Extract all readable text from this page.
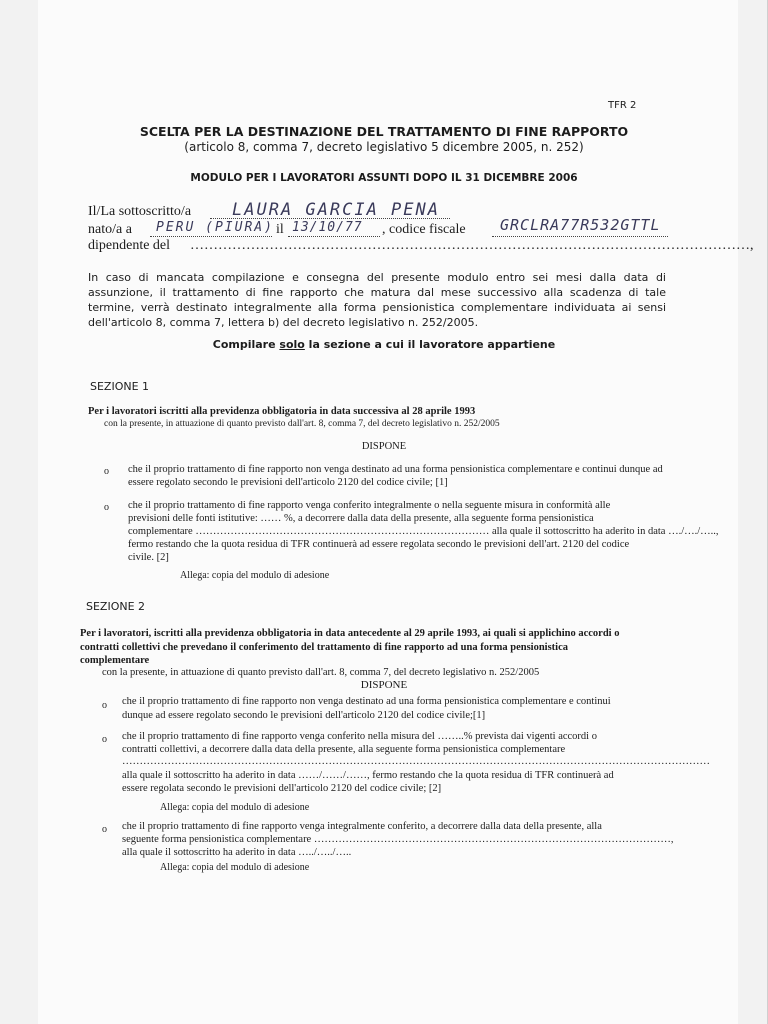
TFR 2
SCELTA PER LA DESTINAZIONE DEL TRATTAMENTO DI FINE RAPPORTO
(articolo 8, comma 7, decreto legislativo 5 dicembre 2005, n. 252)
MODULO PER I LAVORATORI ASSUNTI DOPO IL 31 DICEMBRE 2006
Il/La sottoscritto/a LAURA GARCIA PENA
nato/a a PERU (PIURA) il 13/10/77 , codice fiscale GRCLRA77R532GTTL
dipendente del …………………………………………………………………………………………………………,
In caso di mancata compilazione e consegna del presente modulo entro sei mesi dalla data di assunzione, il trattamento di fine rapporto che matura dal mese successivo alla scadenza di tale termine, verrà destinato integralmente alla forma pensionistica complementare individuata ai sensi dell'articolo 8, comma 7, lettera b) del decreto legislativo n. 252/2005.
Compilare solo la sezione a cui il lavoratore appartiene
SEZIONE 1
Per i lavoratori iscritti alla previdenza obbligatoria in data successiva al 28 aprile 1993
con la presente, in attuazione di quanto previsto dall'art. 8, comma 7, del decreto legislativo n. 252/2005
DISPONE
o che il proprio trattamento di fine rapporto non venga destinato ad una forma pensionistica complementare e continui dunque ad essere regolato secondo le previsioni dell'articolo 2120 del codice civile; [1]
o che il proprio trattamento di fine rapporto venga conferito integralmente o nella seguente misura in conformità alle
previsioni delle fonti istitutive: …… %, a decorrere dalla data della presente, alla seguente forma pensionistica
complementare ………………………………………………………………………… alla quale il sottoscritto ha aderito in data …./…./…..,
fermo restando che la quota residua di TFR continuerà ad essere regolata secondo le previsioni dell'art. 2120 del codice
civile. [2]
Allega: copia del modulo di adesione
SEZIONE 2
Per i lavoratori, iscritti alla previdenza obbligatoria in data antecedente al 29 aprile 1993, ai quali si applichino accordi o
contratti collettivi che prevedano il conferimento del trattamento di fine rapporto ad una forma pensionistica
complementare
con la presente, in attuazione di quanto previsto dall'art. 8, comma 7, del decreto legislativo n. 252/2005
DISPONE
o che il proprio trattamento di fine rapporto non venga destinato ad una forma pensionistica complementare e continui
dunque ad essere regolato secondo le previsioni dell'articolo 2120 del codice civile;[1]
o che il proprio trattamento di fine rapporto venga conferito nella misura del ……..% prevista dai vigenti accordi o
contratti collettivi, a decorrere dalla data della presente, alla seguente forma pensionistica complementare
……………………………………………………………………………………………………………………………………………………
alla quale il sottoscritto ha aderito in data ……/……/……, fermo restando che la quota residua di TFR continuerà ad
essere regolata secondo le previsioni dell'articolo 2120 del codice civile; [2]
Allega: copia del modulo di adesione
o che il proprio trattamento di fine rapporto venga integralmente conferito, a decorrere dalla data della presente, alla
seguente forma pensionistica complementare …………………………………………………………………………………………,
alla quale il sottoscritto ha aderito in data …../…../…..
Allega: copia del modulo di adesione
